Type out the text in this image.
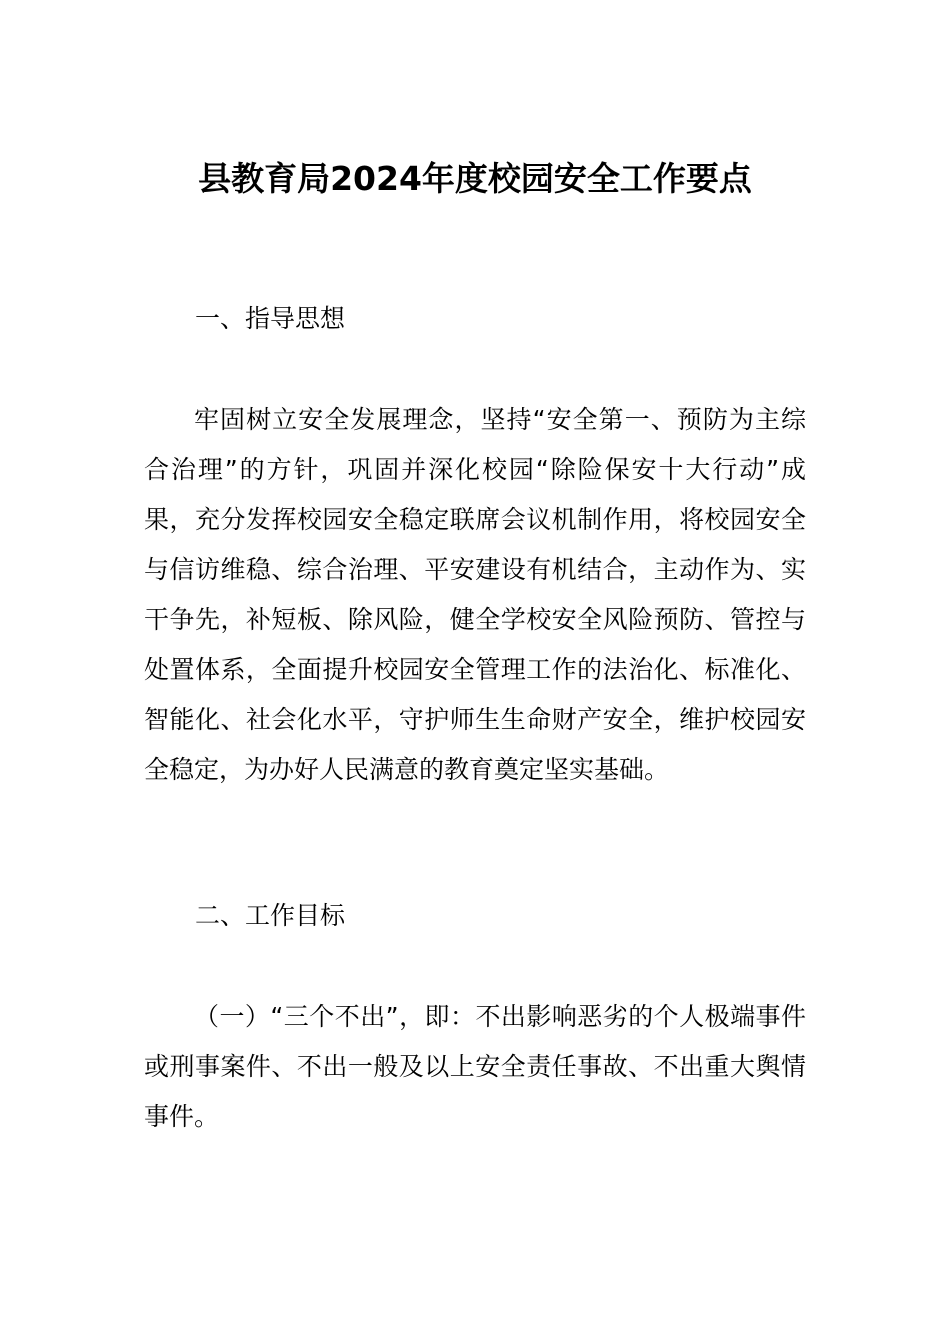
县教育局2024年度校园安全工作要点
一、指导思想

牢固树立安全发展理念，坚持“安全第一、预防为主综合治理”的方针，巩固并深化校园“除险保安十大行动”成果，充分发挥校园安全稳定联席会议机制作用，将校园安全与信访维稳、综合治理、平安建设有机结合，主动作为、实干争先，补短板、除风险，健全学校安全风险预防、管控与处置体系，全面提升校园安全管理工作的法治化、标准化、智能化、社会化水平，守护师生生命财产安全，维护校园安全稳定，为办好人民满意的教育奠定坚实基础。

二、工作目标

（一）“三个不出”，即：不出影响恶劣的个人极端事件或刑事案件、不出一般及以上安全责任事故、不出重大舆情事件。
